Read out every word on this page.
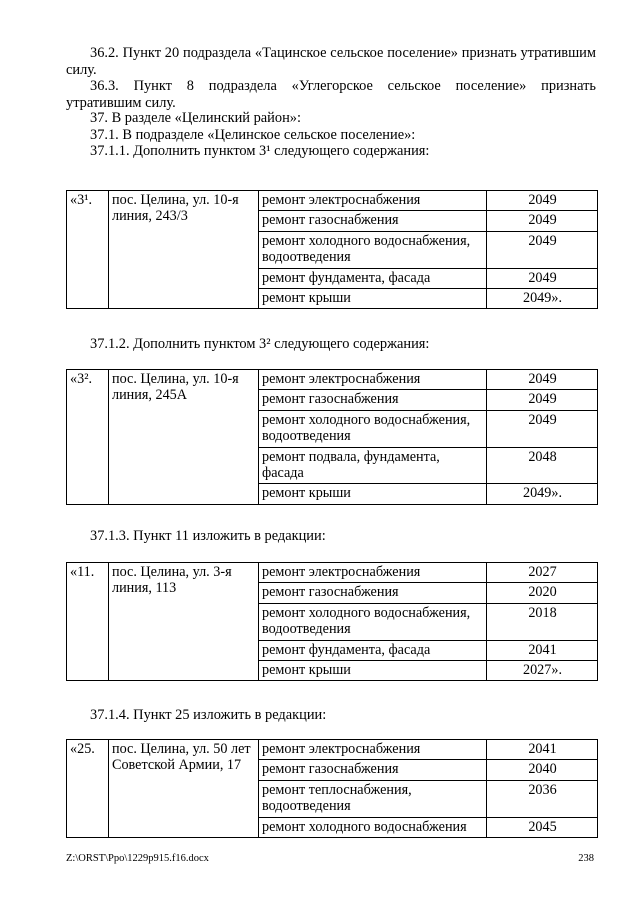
36.2. Пункт 20 подраздела «Тацинское сельское поселение» признать утратившим силу.

36.3. Пункт 8 подраздела «Углегорское сельское поселение» признать утратившим силу.

37. В разделе «Целинский район»:

37.1. В подразделе «Целинское сельское поселение»:

37.1.1. Дополнить пунктом 3¹ следующего содержания:

«3¹.	пос. Целина, ул. 10-я линия, 243/3	ремонт электроснабжения	2049
		ремонт газоснабжения	2049
		ремонт холодного водоснабжения, водоотведения	2049
		ремонт фундамента, фасада	2049
		ремонт крыши	2049».

37.1.2. Дополнить пунктом 3² следующего содержания:

«3².	пос. Целина, ул. 10-я линия, 245А	ремонт электроснабжения	2049
		ремонт газоснабжения	2049
		ремонт холодного водоснабжения, водоотведения	2049
		ремонт подвала, фундамента, фасада	2048
		ремонт крыши	2049».

37.1.3. Пункт 11 изложить в редакции:

«11.	пос. Целина, ул. 3-я линия, 113	ремонт электроснабжения	2027
		ремонт газоснабжения	2020
		ремонт холодного водоснабжения, водоотведения	2018
		ремонт фундамента, фасада	2041
		ремонт крыши	2027».

37.1.4. Пункт 25 изложить в редакции:

«25.	пос. Целина, ул. 50 лет Советской Армии, 17	ремонт электроснабжения	2041
		ремонт газоснабжения	2040
		ремонт теплоснабжения, водоотведения	2036
		ремонт холодного водоснабжения	2045
Z:\ORST\Ppo\1229p915.f16.docx	238
